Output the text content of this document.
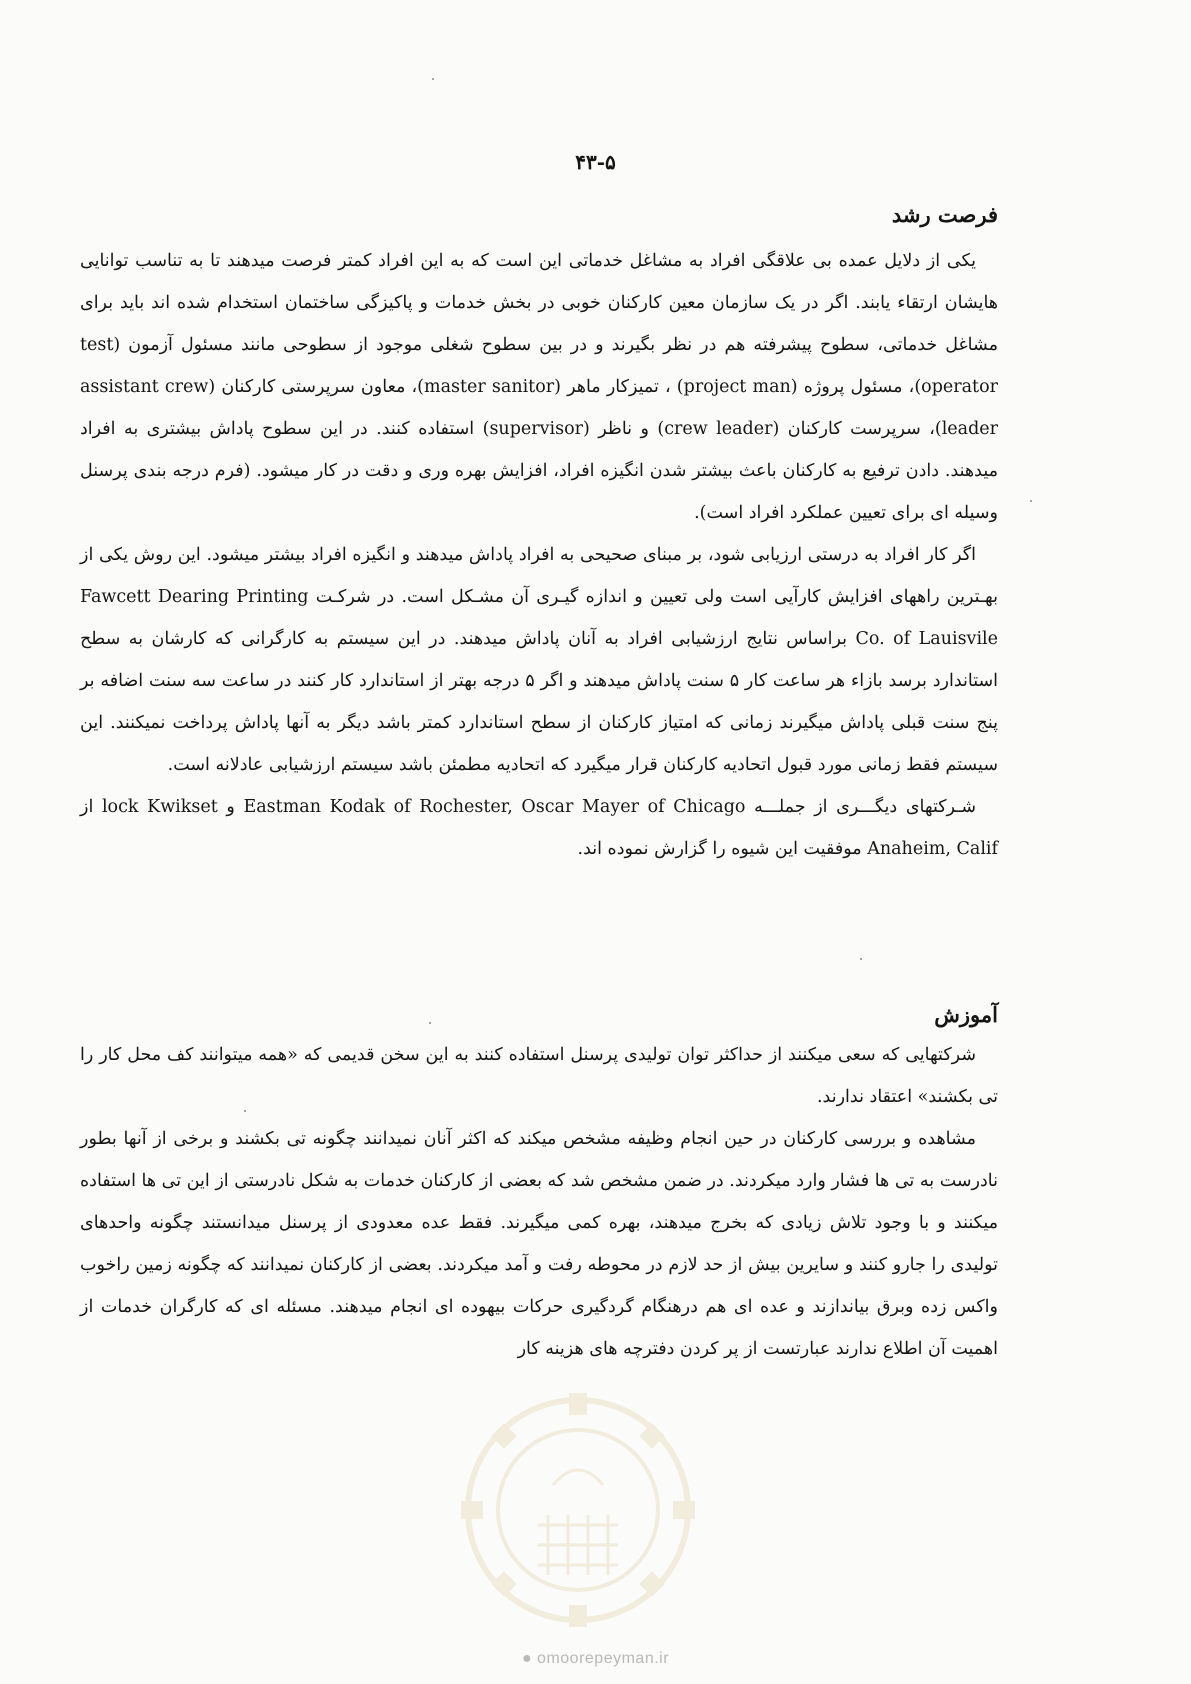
۴۳-۵
فرصت رشد

یکی از دلایل عمده بی علاقگی افراد به مشاغل خدماتی این است که به این افراد کمتر فرصت میدهند تا به تناسب توانایی هایشان ارتقاء یابند. اگر در یک سازمان معین کارکنان خوبی در بخش خدمات و پاکیزگی ساختمان استخدام شده اند باید برای مشاغل خدماتی، سطوح پیشرفته هم در نظر بگیرند و در بین سطوح شغلی موجود از سطوحی مانند مسئول آزمون (test operator)، مسئول پروژه (project man) ، تمیزکار ماهر (master sanitor)، معاون سرپرستی کارکنان (assistant crew leader)، سرپرست کارکنان (crew leader) و ناظر (supervisor) استفاده کنند. در این سطوح پاداش بیشتری به افراد میدهند. دادن ترفیع به کارکنان باعث بیشتر شدن انگیزه افراد، افزایش بهره وری و دقت در کار میشود. (فرم درجه بندی پرسنل وسیله ای برای تعیین عملکرد افراد است).

اگر کار افراد به درستی ارزیابی شود، بر مبنای صحیحی به افراد پاداش میدهند و انگیزه افراد بیشتر میشود. این روش یکی از بهـترین راههای افزایش کارآیی است ولی تعیین و اندازه گیـری آن مشـکل است. در شرکـت Fawcett Dearing Printing Co. of Lauisvile براساس نتایج ارزشیابی افراد به آنان پاداش میدهند. در این سیستم به کارگرانی که کارشان به سطح استاندارد برسد بازاء هر ساعت کار ۵ سنت پاداش میدهند و اگر ۵ درجه بهتر از استاندارد کار کنند در ساعت سه سنت اضافه بر پنج سنت قبلی پاداش میگیرند زمانی که امتیاز کارکنان از سطح استاندارد کمتر باشد دیگر به آنها پاداش پرداخت نمیکنند. این سیستم فقط زمانی مورد قبول اتحادیه کارکنان قرار میگیرد که اتحادیه مطمئن باشد سیستم ارزشیابی عادلانه است.

شـرکتهای دیگـــری از جملـــه Eastman Kodak of Rochester, Oscar Mayer of Chicago و lock Kwikset از Anaheim, Calif موفقیت این شیوه را گزارش نموده اند.

آموزش

شرکتهایی که سعی میکنند از حداکثر توان تولیدی پرسنل استفاده کنند به این سخن قدیمی که «همه میتوانند کف محل کار را تی بکشند» اعتقاد ندارند.

مشاهده و بررسی کارکنان در حین انجام وظیفه مشخص میکند که اکثر آنان نمیدانند چگونه تی بکشند و برخی از آنها بطور نادرست به تی ها فشار وارد میکردند. در ضمن مشخص شد که بعضی از کارکنان خدمات به شکل نادرستی از این تی ها استفاده میکنند و با وجود تلاش زیادی که بخرج میدهند، بهره کمی میگیرند. فقط عده معدودی از پرسنل میدانستند چگونه واحدهای تولیدی را جارو کنند و سایرین بیش از حد لازم در محوطه رفت و آمد میکردند. بعضی از کارکنان نمیدانند که چگونه زمین راخوب واکس زده وبرق بیاندازند و عده ای هم درهنگام گردگیری حرکات بیهوده ای انجام میدهند. مسئله ای که کارگران خدمات از اهمیت آن اطلاع ندارند عبارتست از پر کردن دفترچه های هزینه کار

● omoorepeyman.ir
